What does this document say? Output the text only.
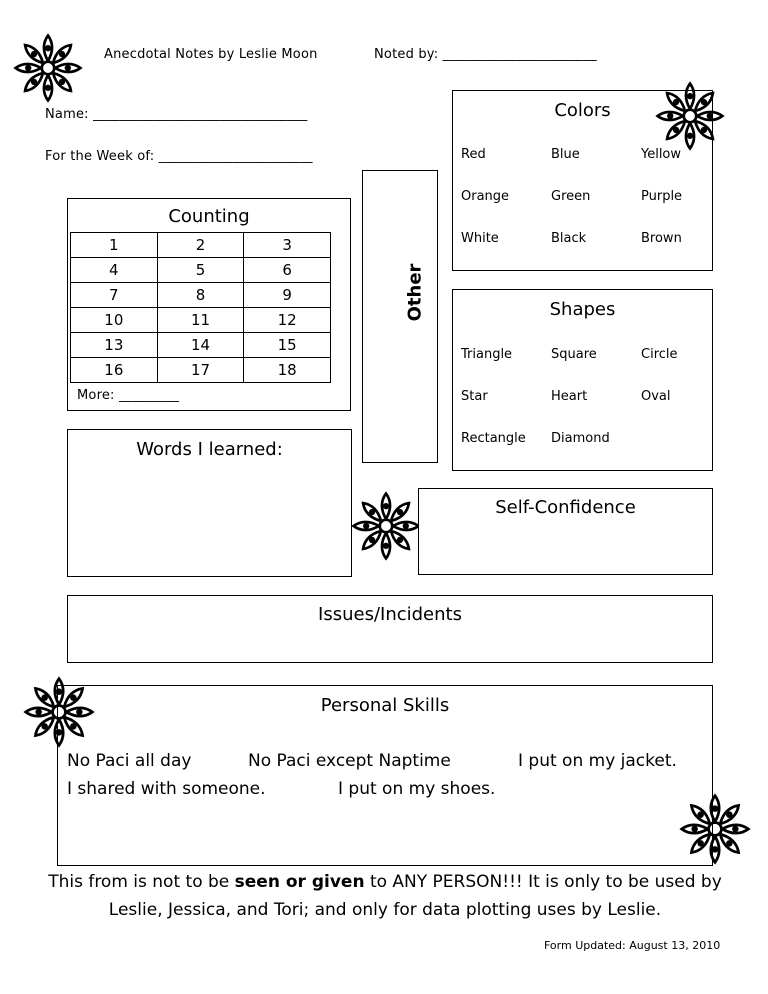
Anecdotal Notes by Leslie Moon	Noted by: _______________________
Name: ________________________________
For the Week of: _______________________
Counting
1	2	3
4	5	6
7	8	9
10	11	12
13	14	15
16	17	18
More: _________
Other
Colors
Red	Blue	Yellow
Orange	Green	Purple
White	Black	Brown
Shapes
Triangle	Square	Circle
Star	Heart	Oval
Rectangle Diamond
Words I learned:
Self-Confidence
Issues/Incidents
Personal Skills
No Paci all day	No Paci except Naptime	I put on my jacket.
I shared with someone.	I put on my shoes.
This from is not to be seen or given to ANY PERSON!!! It is only to be used by Leslie, Jessica, and Tori; and only for data plotting uses by Leslie.
Form Updated: August 13, 2010
